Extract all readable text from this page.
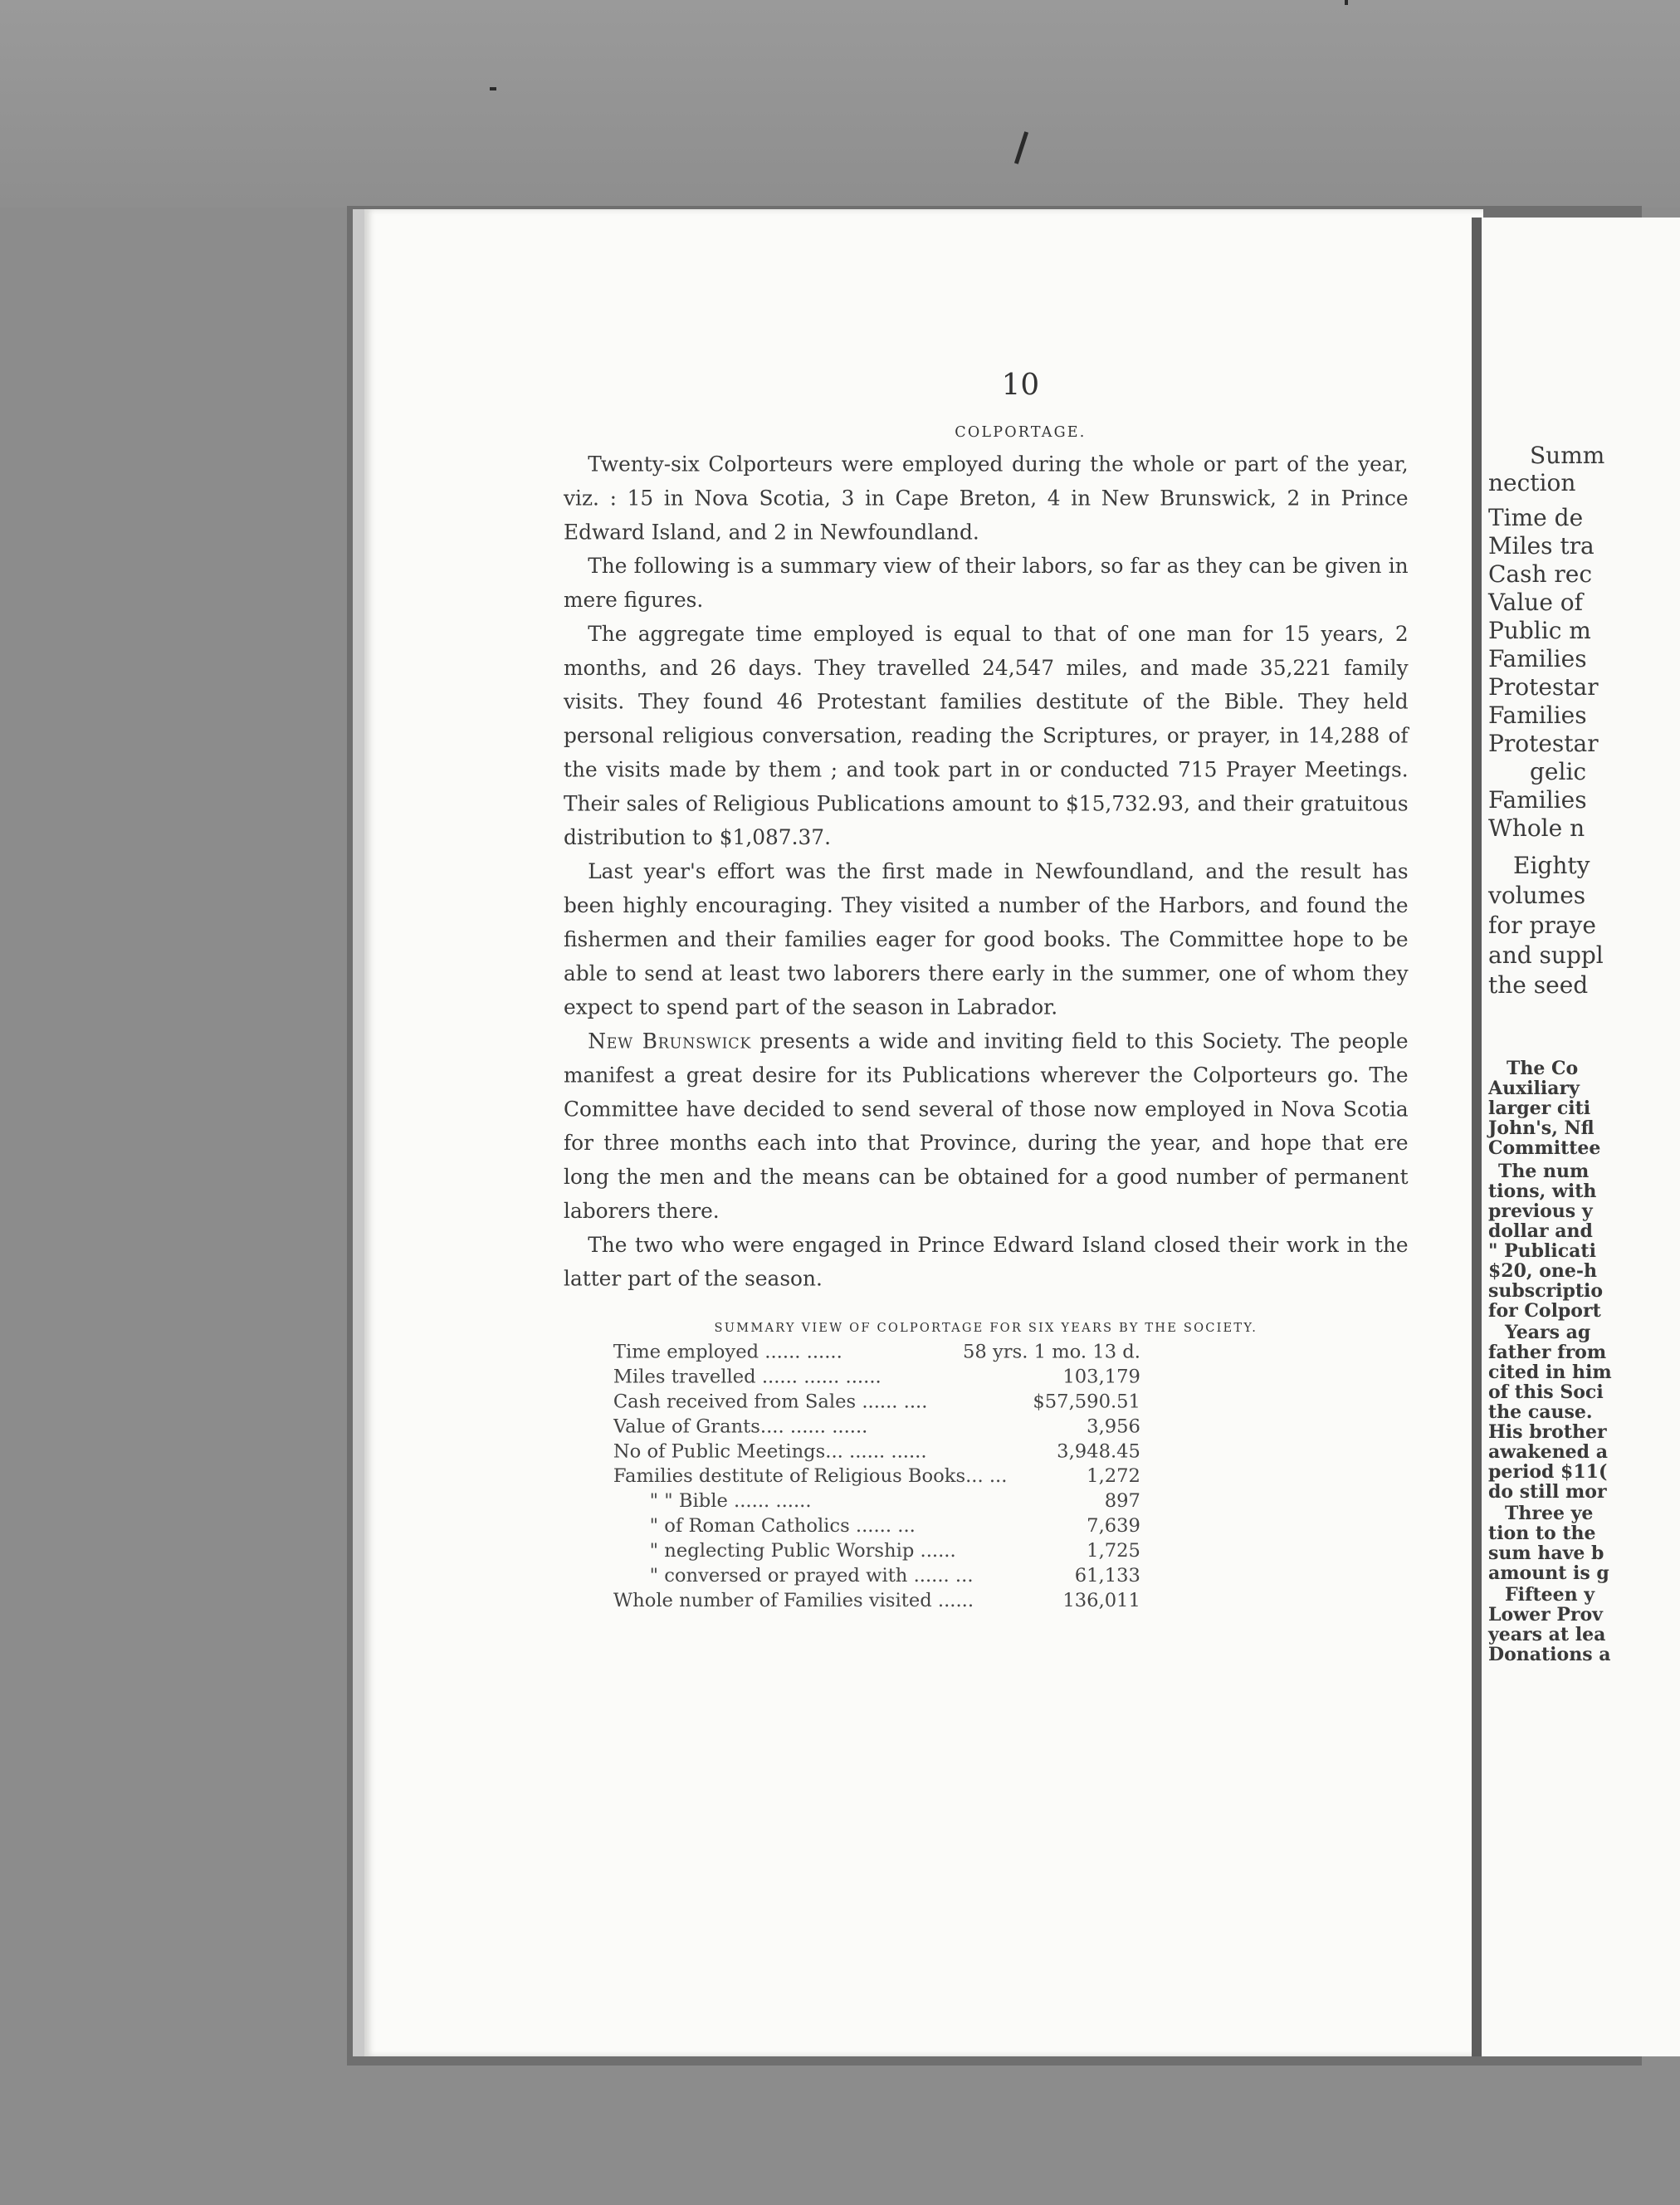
10
COLPORTAGE.

Twenty-six Colporteurs were employed during the whole or part of the year, viz. : 15 in Nova Scotia, 3 in Cape Breton, 4 in New Brunswick, 2 in Prince Edward Island, and 2 in Newfoundland.

The following is a summary view of their labors, so far as they can be given in mere figures.

The aggregate time employed is equal to that of one man for 15 years, 2 months, and 26 days. They travelled 24,547 miles, and made 35,221 family visits. They found 46 Protestant families destitute of the Bible. They held personal religious conversation, reading the Scriptures, or prayer, in 14,288 of the visits made by them ; and took part in or conducted 715 Prayer Meetings. Their sales of Religious Publications amount to $15,732.93, and their gratuitous distribution to $1,087.37.

Last year's effort was the first made in Newfoundland, and the result has been highly encouraging. They visited a number of the Harbors, and found the fishermen and their families eager for good books. The Committee hope to be able to send at least two laborers there early in the summer, one of whom they expect to spend part of the season in Labrador.

New Brunswick presents a wide and inviting field to this Society. The people manifest a great desire for its Publications wherever the Colporteurs go. The Committee have decided to send several of those now employed in Nova Scotia for three months each into that Province, during the year, and hope that ere long the men and the means can be obtained for a good number of permanent laborers there.

The two who were engaged in Prince Edward Island closed their work in the latter part of the season.

SUMMARY VIEW OF COLPORTAGE FOR SIX YEARS BY THE SOCIETY.
Time employed ...... ......	58 yrs. 1 mo. 13 d.
Miles travelled ...... ...... ......	103,179
Cash received from Sales ...... ....	$57,590.51
Value of Grants.... ...... ......	3,956
No of Public Meetings... ...... ......	3,948.45
Families destitute of Religious Books... ...	1,272
" " Bible ...... ......	897
" of Roman Catholics ...... ...	7,639
" neglecting Public Worship ......	1,725
" conversed or prayed with ...... ...	61,133
Whole number of Families visited ......	136,011
Summ
nection
Time de
Miles tra
Cash rec
Value of
Public m
Families
Protestar
Families
Protestar
gelic
Families
Whole n
Eighty
volumes
for praye
and suppl
the seed
The Co
Auxiliary
larger citi
John's, Nfl
Committee
The num
tions, with
previous y
dollar and
" Publicati
$20, one-h
subscriptio
for Colport
Years ag
father from
cited in him
of this Soci
the cause.
His brother
awakened a
period $11(
do still mor
Three ye
tion to the
sum have b
amount is g
Fifteen y
Lower Prov
years at lea
Donations a
